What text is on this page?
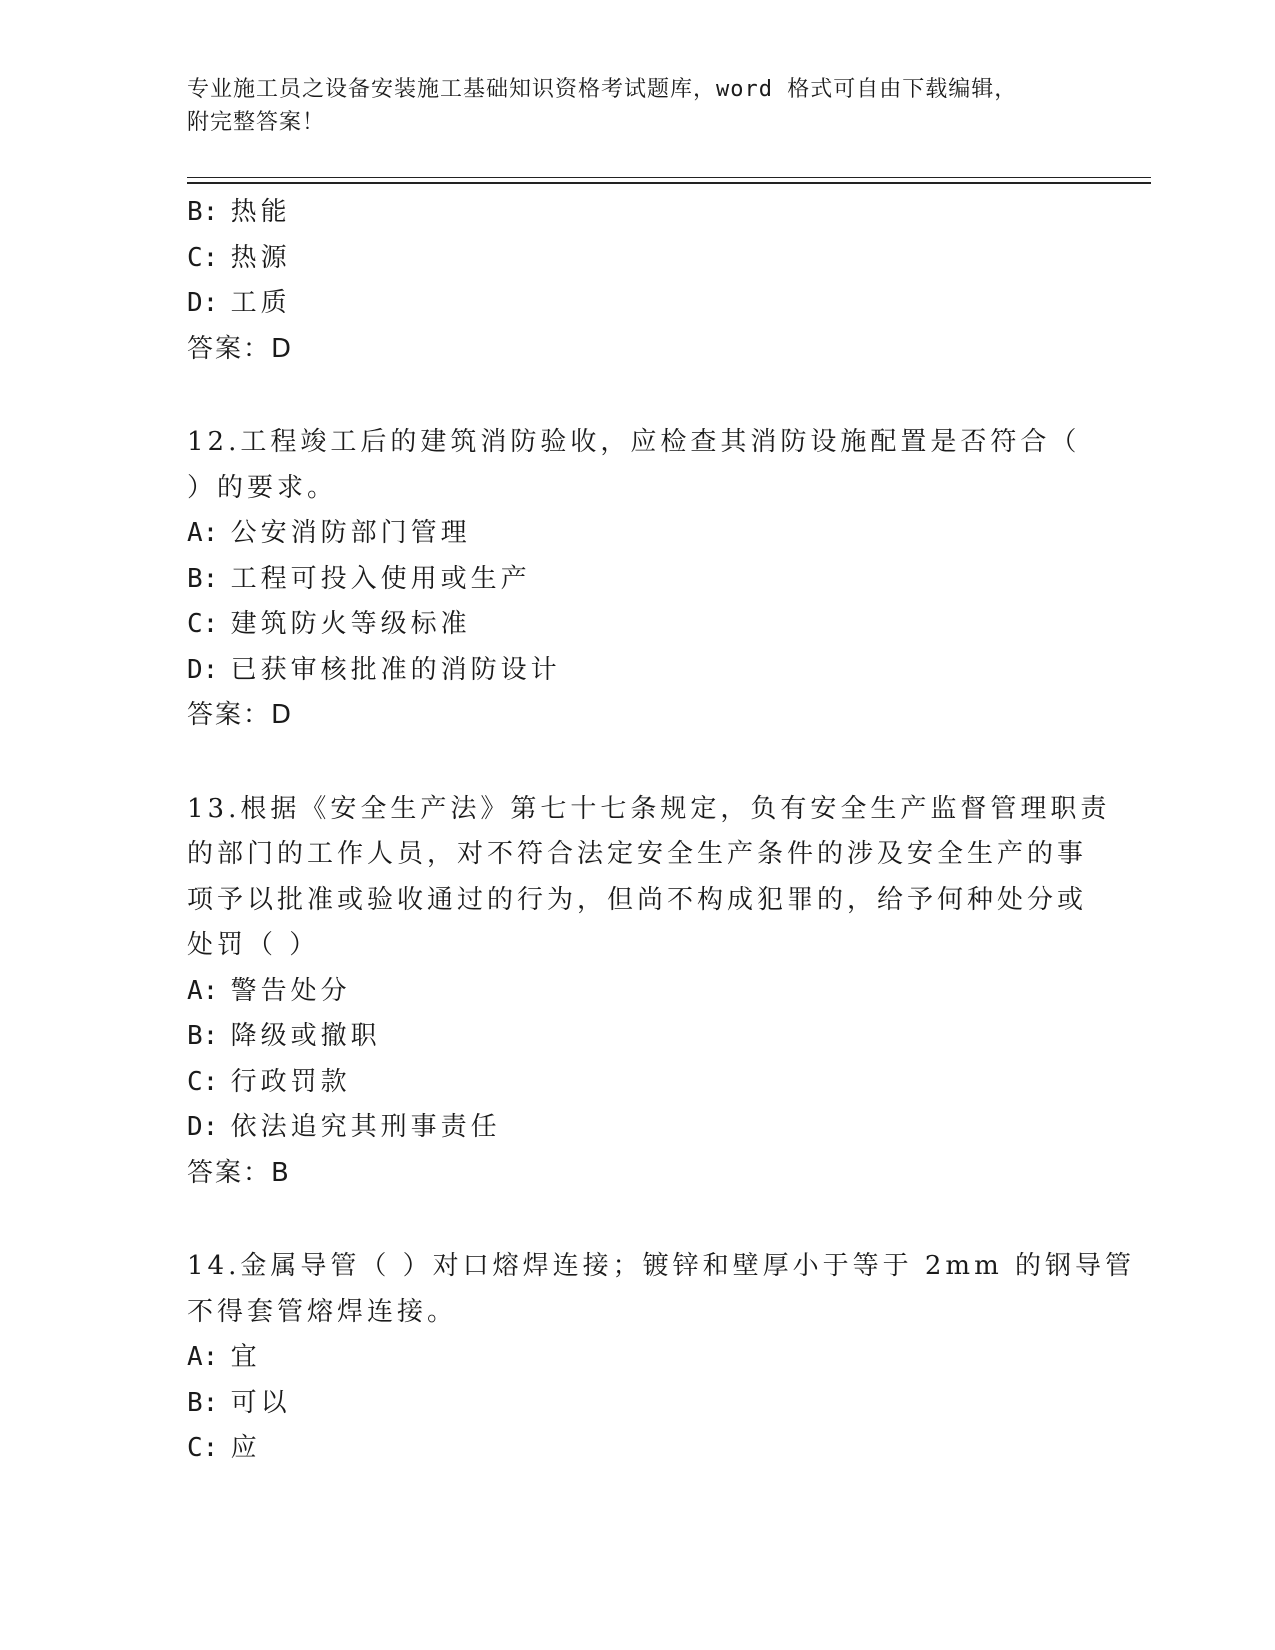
专业施工员之设备安装施工基础知识资格考试题库，word 格式可自由下载编辑，
附完整答案！
B: 热能
C: 热源
D: 工质
答案：D
12.工程竣工后的建筑消防验收，应检查其消防设施配置是否符合（
）的要求。
A: 公安消防部门管理
B: 工程可投入使用或生产
C: 建筑防火等级标准
D: 已获审核批准的消防设计
答案：D
13.根据《安全生产法》第七十七条规定，负有安全生产监督管理职责
的部门的工作人员，对不符合法定安全生产条件的涉及安全生产的事
项予以批准或验收通过的行为，但尚不构成犯罪的，给予何种处分或
处罚（ ）
A: 警告处分
B: 降级或撤职
C: 行政罚款
D: 依法追究其刑事责任
答案：B
14.金属导管（ ）对口熔焊连接；镀锌和壁厚小于等于 2mm 的钢导管
不得套管熔焊连接。
A: 宜
B: 可以
C: 应
